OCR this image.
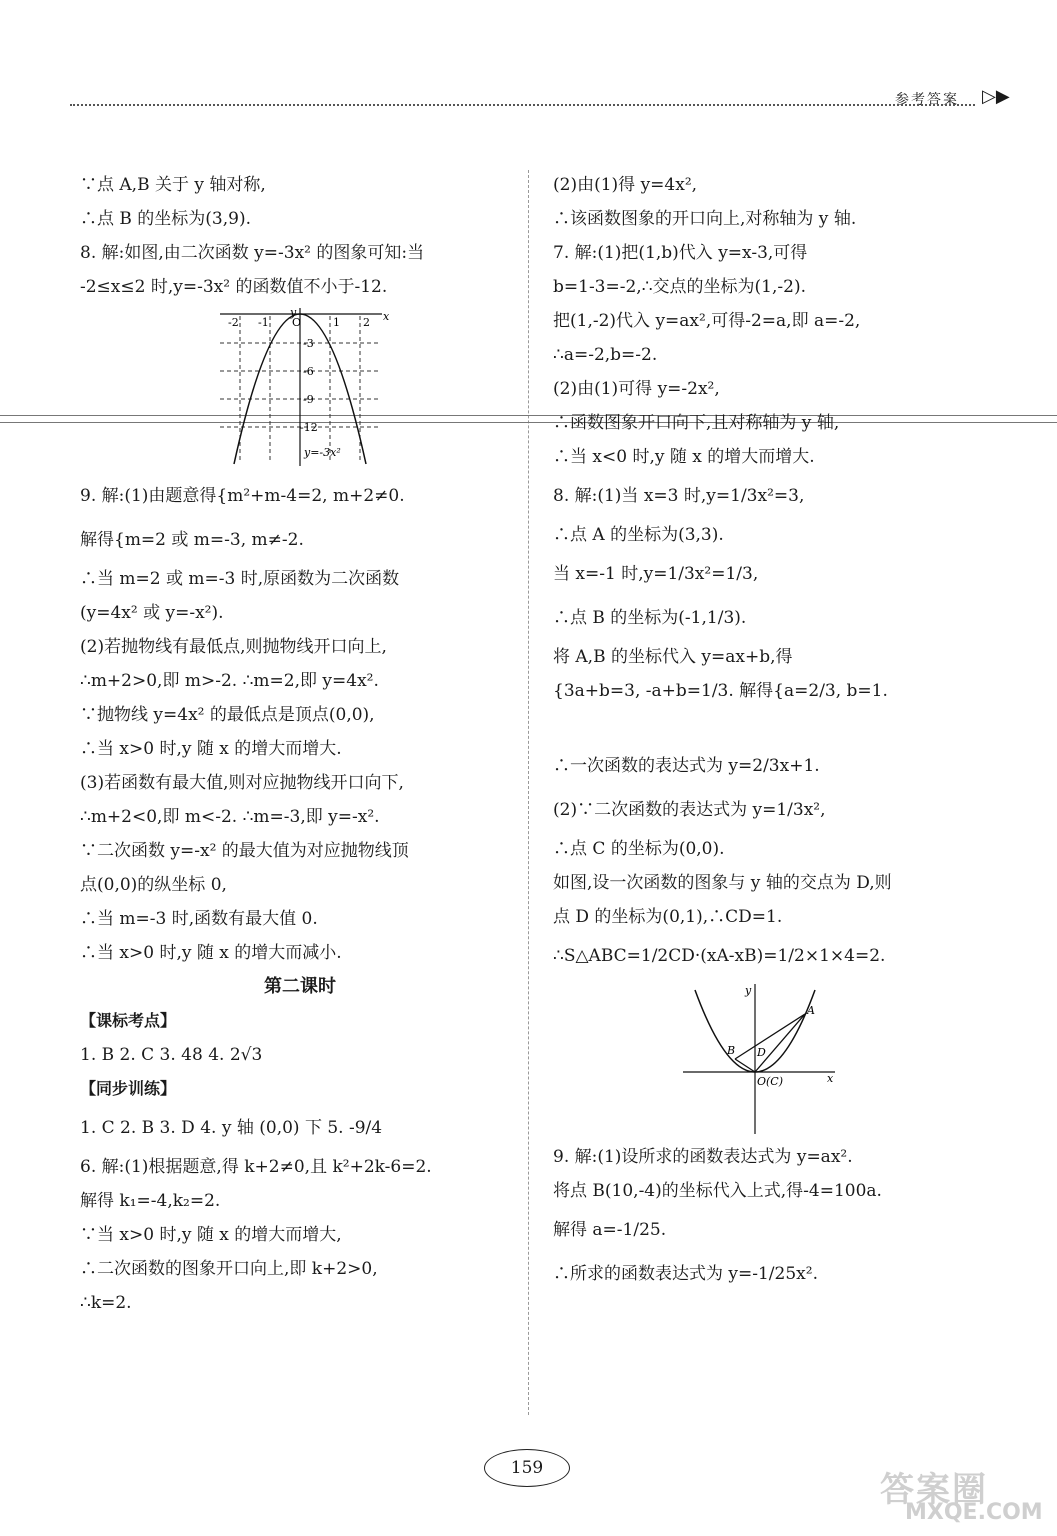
参考答案 ▷▶
∵点 A,B 关于 y 轴对称,
∴点 B 的坐标为(3,9).
8. 解:如图,由二次函数 y=-3x² 的图象可知:当
-2≤x≤2 时,y=-3x² 的函数值不小于-12.
x
y
-2 -1 O	1 2
-3
-6
-9
-12
y=-3x²
9. 解:(1)由题意得{m²+m-4=2, m+2≠0.
解得{m=2 或 m=-3, m≠-2.
∴当 m=2 或 m=-3 时,原函数为二次函数
(y=4x² 或 y=-x²).
(2)若抛物线有最低点,则抛物线开口向上,
∴m+2>0,即 m>-2. ∴m=2,即 y=4x².
∵抛物线 y=4x² 的最低点是顶点(0,0),
∴当 x>0 时,y 随 x 的增大而增大.
(3)若函数有最大值,则对应抛物线开口向下,
∴m+2<0,即 m<-2. ∴m=-3,即 y=-x².
∵二次函数 y=-x² 的最大值为对应抛物线顶
点(0,0)的纵坐标 0,
∴当 m=-3 时,函数有最大值 0.
∴当 x>0 时,y 随 x 的增大而减小.
第二课时
【课标考点】
1. B 2. C 3. 48 4. 2√3
【同步训练】
1. C 2. B 3. D 4. y 轴 (0,0) 下 5. -9/4
6. 解:(1)根据题意,得 k+2≠0,且 k²+2k-6=2.
解得 k₁=-4,k₂=2.
∵当 x>0 时,y 随 x 的增大而增大,
∴二次函数的图象开口向上,即 k+2>0,
∴k=2.
(2)由(1)得 y=4x²,
∴该函数图象的开口向上,对称轴为 y 轴.
7. 解:(1)把(1,b)代入 y=x-3,可得
b=1-3=-2,∴交点的坐标为(1,-2).
把(1,-2)代入 y=ax²,可得-2=a,即 a=-2,
∴a=-2,b=-2.
(2)由(1)可得 y=-2x²,
∴函数图象开口向下,且对称轴为 y 轴,
∴当 x<0 时,y 随 x 的增大而增大.
8. 解:(1)当 x=3 时,y=1/3x²=3,
∴点 A 的坐标为(3,3).
当 x=-1 时,y=1/3x²=1/3,
∴点 B 的坐标为(-1,1/3).
将 A,B 的坐标代入 y=ax+b,得
{3a+b=3, -a+b=1/3. 解得{a=2/3, b=1.
∴一次函数的表达式为 y=2/3x+1.
(2)∵二次函数的表达式为 y=1/3x²,
∴点 C 的坐标为(0,0).
如图,设一次函数的图象与 y 轴的交点为 D,则
点 D 的坐标为(0,1),∴CD=1.
∴S△ABC=1/2CD·(xA-xB)=1/2×1×4=2.
A
B D
O(C)	x
y
9. 解:(1)设所求的函数表达式为 y=ax².
将点 B(10,-4)的坐标代入上式,得-4=100a.
解得 a=-1/25.
∴所求的函数表达式为 y=-1/25x².
159
答案圈
MXQE.COM
